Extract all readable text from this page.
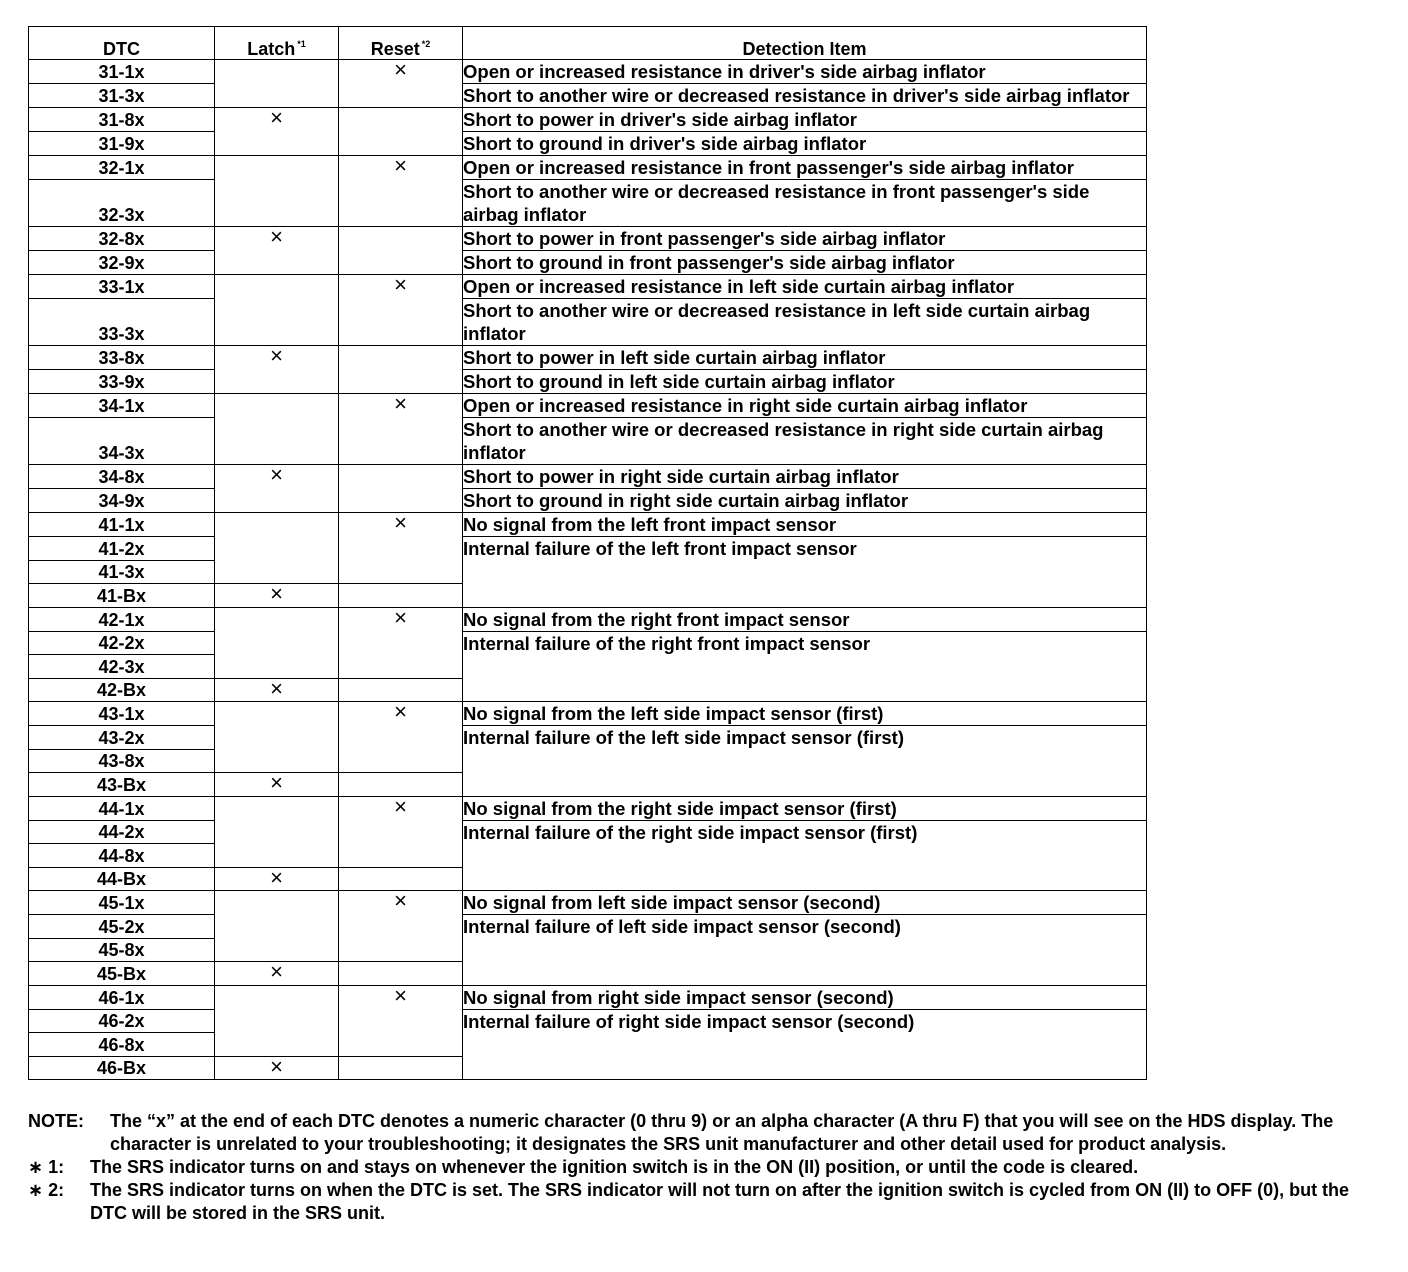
DTC	Latch $^{*1}$	Reset $^{*2}$	Detection Item
31-1x		×	Open or increased resistance in driver's side airbag inflator
31-3x			Short to another wire or decreased resistance in driver's side airbag inflator
31-8x	×		Short to power in driver's side airbag inflator
31-9x			Short to ground in driver's side airbag inflator
32-1x		×	Open or increased resistance in front passenger's side airbag inflator
32-3x			Short to another wire or decreased resistance in front passenger's side airbag inflator
32-8x	×		Short to power in front passenger's side airbag inflator
32-9x			Short to ground in front passenger's side airbag inflator
33-1x		×	Open or increased resistance in left side curtain airbag inflator
33-3x			Short to another wire or decreased resistance in left side curtain airbag inflator
33-8x	×		Short to power in left side curtain airbag inflator
33-9x			Short to ground in left side curtain airbag inflator
34-1x		×	Open or increased resistance in right side curtain airbag inflator
34-3x			Short to another wire or decreased resistance in right side curtain airbag inflator
34-8x	×		Short to power in right side curtain airbag inflator
34-9x			Short to ground in right side curtain airbag inflator
41-1x		×	No signal from the left front impact sensor
41-2x			Internal failure of the left front impact sensor
41-3x			
41-Bx	×		
42-1x		×	No signal from the right front impact sensor
42-2x			Internal failure of the right front impact sensor
42-3x			
42-Bx	×		
43-1x		×	No signal from the left side impact sensor (first)
43-2x			Internal failure of the left side impact sensor (first)
43-8x			
43-Bx	×		
44-1x		×	No signal from the right side impact sensor (first)
44-2x			Internal failure of the right side impact sensor (first)
44-8x			
44-Bx	×		
45-1x		×	No signal from left side impact sensor (second)
45-2x			Internal failure of left side impact sensor (second)
45-8x			
45-Bx	×		
46-1x		×	No signal from right side impact sensor (second)
46-2x			Internal failure of right side impact sensor (second)
46-8x			
46-Bx	×		
NOTE:	The “x” at the end of each DTC denotes a numeric character (0 thru 9) or an alpha character (A thru F) that you will see on the HDS display. The character is unrelated to your troubleshooting; it designates the SRS unit manufacturer and other detail used for product analysis.
∗ 1:	The SRS indicator turns on and stays on whenever the ignition switch is in the ON (II) position, or until the code is cleared.
∗ 2:	The SRS indicator turns on when the DTC is set. The SRS indicator will not turn on after the ignition switch is cycled from ON (II) to OFF (0), but the DTC will be stored in the SRS unit.
